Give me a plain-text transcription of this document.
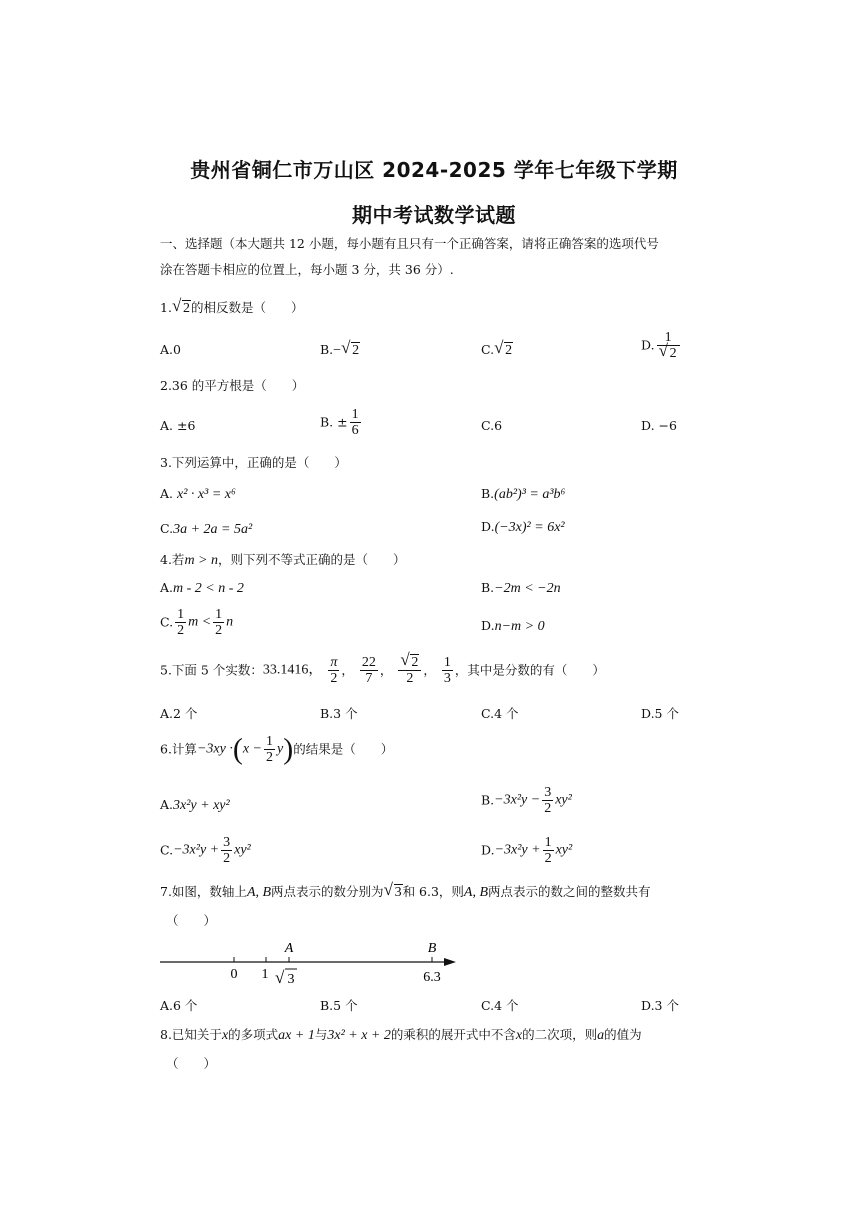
贵州省铜仁市万山区 2024-2025 学年七年级下学期
期中考试数学试题
一、选择题（本大题共 12 小题，每小题有且只有一个正确答案，请将正确答案的选项代号
涂在答题卡相应的位置上，每小题 3 分，共 36 分）.
1. √ 2的相反数是（　　）
A.0	B.− √ 2	C. √ 2	D. 1
√ 2
2.36 的平方根是（　　）
A. ±6	B. ± $\frac{1}{6}$	C.6	D. −6
3.下列运算中，正确的是（　　）
A. x² · x³ = x⁶	B.(ab²)³ = a³b⁶
C.3a + 2a = 5a²	D.(−3x)² = 6x²
4.若m > n，则下列不等式正确的是（　　）
A.m - 2 < n - 2	B.−2m < −2n
C. $\frac{1}{2}$ $m < \frac{1}{2}$ n	D.n−m > 0
5.下面 5 个实数：33.1416， $\frac{\pi}{2}$ ， $\frac{22}{7}$ ， √ $\frac{2}{2}$ ， $\frac{1}{3}$ ，其中是分数的有（　　）
A.2 个	B.3 个	C.4 个	D.5 个
6.计算$-3xy \cdot(x - \frac{1}{2} y)$的结果是（　　）
A.3x²y + xy²	$B.-3x^2y - \frac{3}{2} xy^2$
$C.-3x^2y + \frac{3}{2} xy^2$	$D.-3x^2y + \frac{1}{2} xy^2$
7.如图，数轴上A, B两点表示的数分别为 √ 3和 6.3，则A, B两点表示的数之间的整数共有
（　　）
A	B
0 1 √ 3	6.3
A.6 个	B.5 个	C.4 个	D.3 个
8.已知关于x的多项式ax + 1与3x² + x + 2的乘积的展开式中不含x的二次项，则a的值为
（　　）
